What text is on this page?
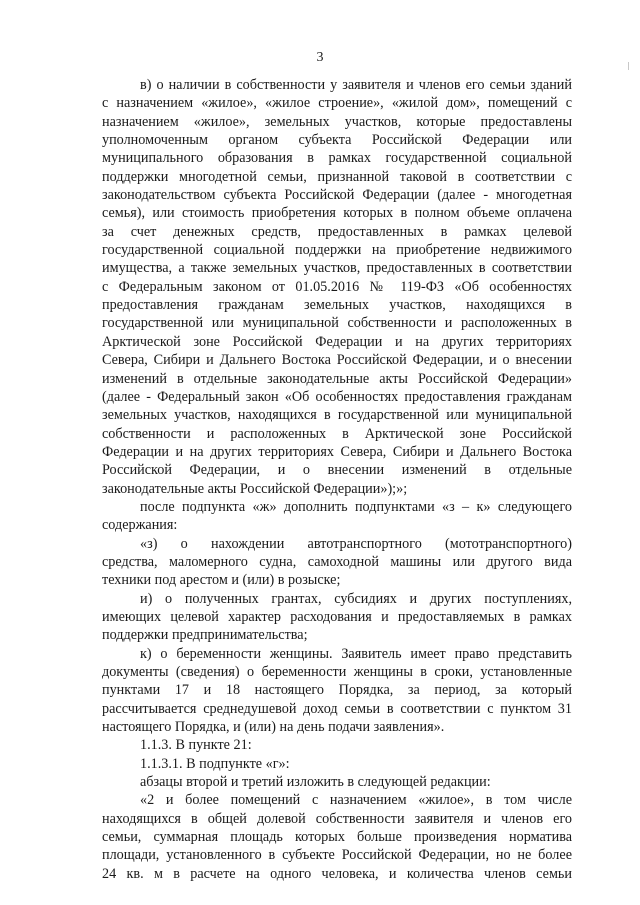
3
в) о наличии в собственности у заявителя и членов его семьи зданий
с назначением «жилое», «жилое строение», «жилой дом», помещений с
назначением «жилое», земельных участков, которые предоставлены
уполномоченным органом субъекта Российской Федерации или
муниципального образования в рамках государственной социальной
поддержки многодетной семьи, признанной таковой в соответствии с
законодательством субъекта Российской Федерации (далее - многодетная
семья), или стоимость приобретения которых в полном объеме оплачена
за счет денежных средств, предоставленных в рамках целевой
государственной социальной поддержки на приобретение недвижимого
имущества, а также земельных участков, предоставленных в соответствии
с Федеральным законом от 01.05.2016 № 119-ФЗ «Об особенностях
предоставления гражданам земельных участков, находящихся в
государственной или муниципальной собственности и расположенных в
Арктической зоне Российской Федерации и на других территориях
Севера, Сибири и Дальнего Востока Российской Федерации, и о внесении
изменений в отдельные законодательные акты Российской Федерации»
(далее - Федеральный закон «Об особенностях предоставления гражданам
земельных участков, находящихся в государственной или муниципальной
собственности и расположенных в Арктической зоне Российской
Федерации и на других территориях Севера, Сибири и Дальнего Востока
Российской Федерации, и о внесении изменений в отдельные
законодательные акты Российской Федерации»);»;
после подпункта «ж» дополнить подпунктами «з – к» следующего
содержания:
«з) о нахождении автотранспортного (мототранспортного)
средства, маломерного судна, самоходной машины или другого вида
техники под арестом и (или) в розыске;
и) о полученных грантах, субсидиях и других поступлениях,
имеющих целевой характер расходования и предоставляемых в рамках
поддержки предпринимательства;
к) о беременности женщины. Заявитель имеет право представить
документы (сведения) о беременности женщины в сроки, установленные
пунктами 17 и 18 настоящего Порядка, за период, за который
рассчитывается среднедушевой доход семьи в соответствии с пунктом 31
настоящего Порядка, и (или) на день подачи заявления».
1.1.3. В пункте 21:
1.1.3.1. В подпункте «г»:
абзацы второй и третий изложить в следующей редакции:
«2 и более помещений с назначением «жилое», в том числе
находящихся в общей долевой собственности заявителя и членов его
семьи, суммарная площадь которых больше произведения норматива
площади, установленного в субъекте Российской Федерации, но не более
24 кв. м в расчете на одного человека, и количества членов семьи
